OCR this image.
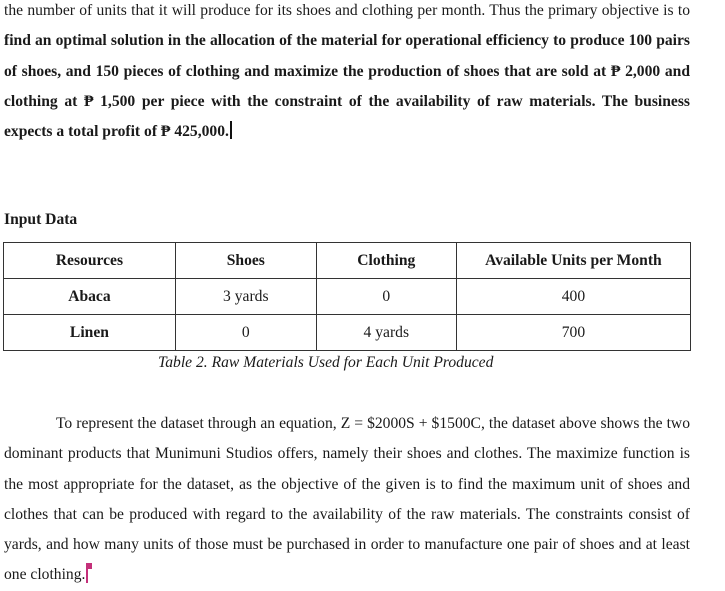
the number of units that it will produce for its shoes and clothing per month. Thus the primary objective is to find an optimal solution in the allocation of the material for operational efficiency to produce 100 pairs of shoes, and 150 pieces of clothing and maximize the production of shoes that are sold at ₱ 2,000 and clothing at ₱ 1,500 per piece with the constraint of the availability of raw materials. The business expects a total profit of ₱ 425,000.

Input Data

Resources	Shoes	Clothing	Available Units per Month
Abaca	3 yards	0	400
Linen	0	4 yards	700

Table 2. Raw Materials Used for Each Unit Produced

To represent the dataset through an equation, Z = $2000S + $1500C, the dataset above shows the two dominant products that Munimuni Studios offers, namely their shoes and clothes. The maximize function is the most appropriate for the dataset, as the objective of the given is to find the maximum unit of shoes and clothes that can be produced with regard to the availability of the raw materials. The constraints consist of yards, and how many units of those must be purchased in order to manufacture one pair of shoes and at least one clothing.
